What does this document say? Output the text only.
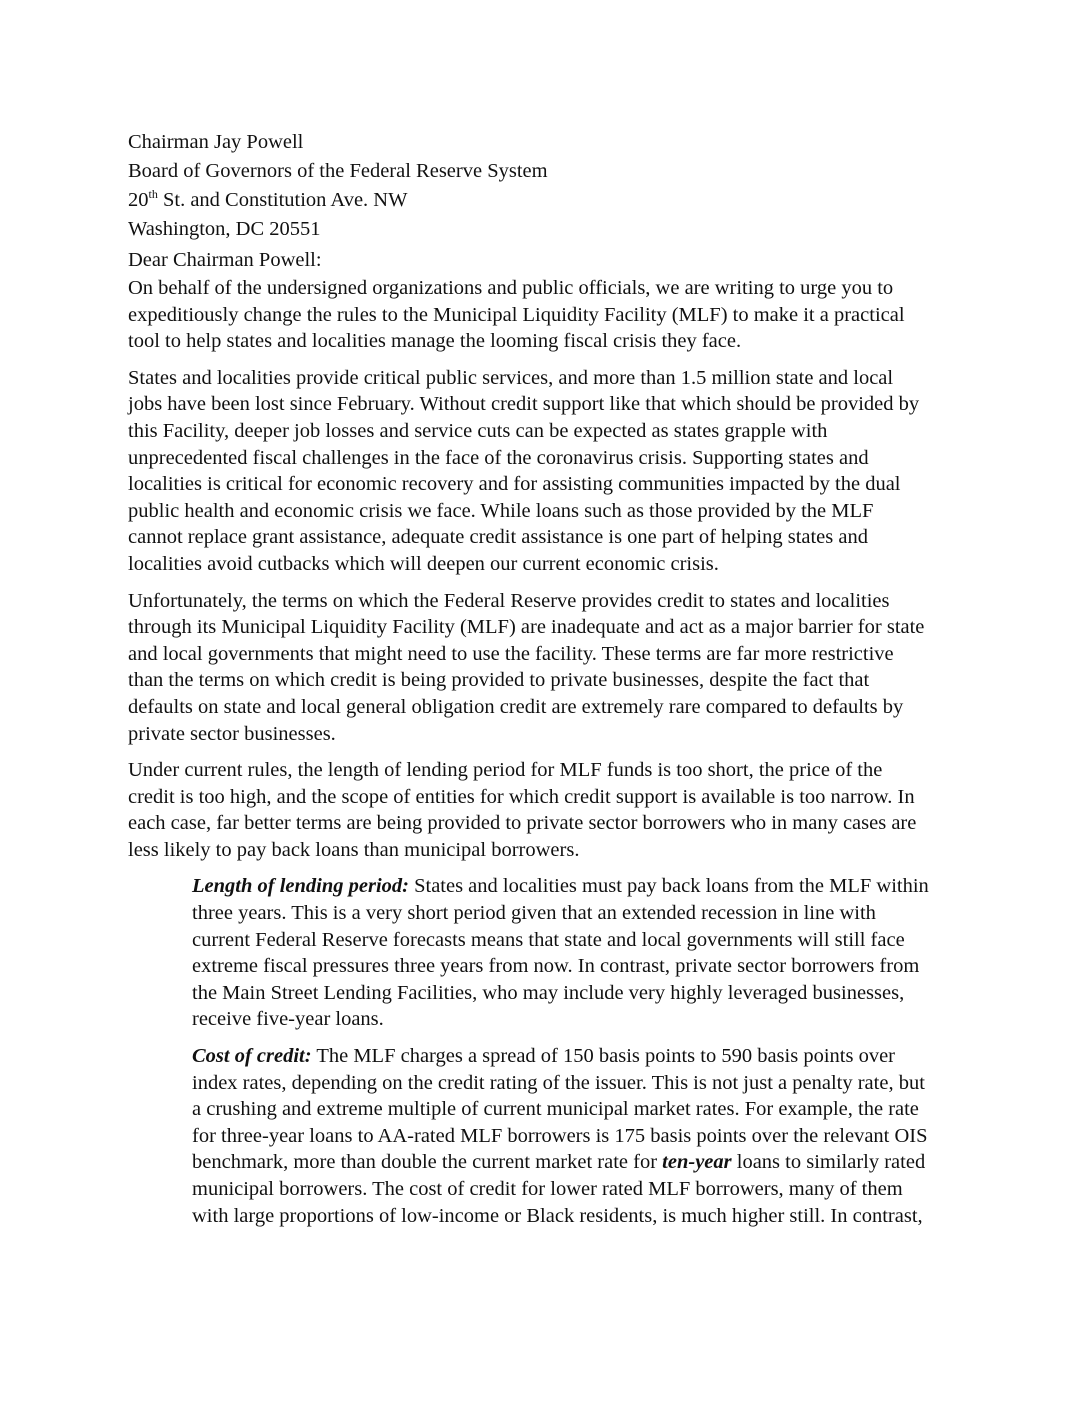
Chairman Jay Powell
Board of Governors of the Federal Reserve System
20th St. and Constitution Ave. NW
Washington, DC 20551
Dear Chairman Powell:

On behalf of the undersigned organizations and public officials, we are writing to urge you to
expeditiously change the rules to the Municipal Liquidity Facility (MLF) to make it a practical
tool to help states and localities manage the looming fiscal crisis they face.

States and localities provide critical public services, and more than 1.5 million state and local
jobs have been lost since February. Without credit support like that which should be provided by
this Facility, deeper job losses and service cuts can be expected as states grapple with
unprecedented fiscal challenges in the face of the coronavirus crisis. Supporting states and
localities is critical for economic recovery and for assisting communities impacted by the dual
public health and economic crisis we face. While loans such as those provided by the MLF
cannot replace grant assistance, adequate credit assistance is one part of helping states and
localities avoid cutbacks which will deepen our current economic crisis.

Unfortunately, the terms on which the Federal Reserve provides credit to states and localities
through its Municipal Liquidity Facility (MLF) are inadequate and act as a major barrier for state
and local governments that might need to use the facility. These terms are far more restrictive
than the terms on which credit is being provided to private businesses, despite the fact that
defaults on state and local general obligation credit are extremely rare compared to defaults by
private sector businesses.

Under current rules, the length of lending period for MLF funds is too short, the price of the
credit is too high, and the scope of entities for which credit support is available is too narrow. In
each case, far better terms are being provided to private sector borrowers who in many cases are
less likely to pay back loans than municipal borrowers.

Length of lending period: States and localities must pay back loans from the MLF within
three years. This is a very short period given that an extended recession in line with
current Federal Reserve forecasts means that state and local governments will still face
extreme fiscal pressures three years from now. In contrast, private sector borrowers from
the Main Street Lending Facilities, who may include very highly leveraged businesses,
receive five-year loans.
Cost of credit: The MLF charges a spread of 150 basis points to 590 basis points over
index rates, depending on the credit rating of the issuer. This is not just a penalty rate, but
a crushing and extreme multiple of current municipal market rates. For example, the rate
for three-year loans to AA-rated MLF borrowers is 175 basis points over the relevant OIS
benchmark, more than double the current market rate for ten-year loans to similarly rated
municipal borrowers. The cost of credit for lower rated MLF borrowers, many of them
with large proportions of low-income or Black residents, is much higher still. In contrast,
